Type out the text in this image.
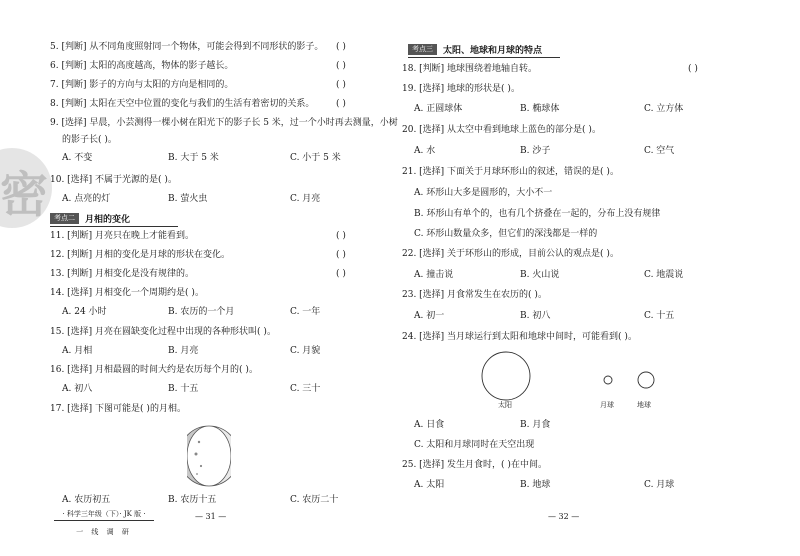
密
5. [判断] 从不同角度照射同一个物体，可能会得到不同形状的影子。 ( )
6. [判断] 太阳的高度越高，物体的影子越长。	( )
7. [判断] 影子的方向与太阳的方向是相同的。	( )
8. [判断] 太阳在天空中位置的变化与我们的生活有着密切的关系。 ( )
9. [选择] 早晨，小芸测得一棵小树在阳光下的影子长 5 米，过一个小时再去测量，小树
的影子长( )。
A. 不变	B. 大于 5 米	C. 小于 5 米
10. [选择] 不属于光源的是( )。
A. 点亮的灯	B. 萤火虫	C. 月亮
考点二	月相的变化
11. [判断] 月亮只在晚上才能看到。	( )
12. [判断] 月相的变化是月球的形状在变化。	( )
13. [判断] 月相变化是没有规律的。	( )
14. [选择] 月相变化一个周期约是( )。
A. 24 小时	B. 农历的一个月	C. 一年
15. [选择] 月亮在圆缺变化过程中出现的各种形状叫( )。
A. 月相	B. 月亮	C. 月貌
16. [选择] 月相最圆的时间大约是农历每个月的( )。
A. 初八	B. 十五	C. 三十
17. [选择] 下图可能是( )的月相。
A. 农历初五	B. 农历十五	C. 农历二十
· 科学三年级（下）· JK 版 ·
一 线 调 研
— 31 —
考点三	太阳、地球和月球的特点
18. [判断] 地球围绕着地轴自转。	( )
19. [选择] 地球的形状是( )。
A. 正圆球体	B. 椭球体	C. 立方体
20. [选择] 从太空中看到地球上蓝色的部分是( )。
A. 水	B. 沙子	C. 空气
21. [选择] 下面关于月球环形山的叙述，错误的是( )。
A. 环形山大多是圆形的，大小不一
B. 环形山有单个的，也有几个挤叠在一起的，分布上没有规律
C. 环形山数量众多，但它们的深浅都是一样的
22. [选择] 关于环形山的形成，目前公认的观点是( )。
A. 撞击说	B. 火山说	C. 地震说
23. [选择] 月食常发生在农历的( )。
A. 初一	B. 初八	C. 十五
24. [选择] 当月球运行到太阳和地球中间时，可能看到( )。
太阳	月球	地球
A. 日食	B. 月食
C. 太阳和月球同时在天空出现
25. [选择] 发生月食时，( )在中间。
A. 太阳	B. 地球	C. 月球
— 32 —
